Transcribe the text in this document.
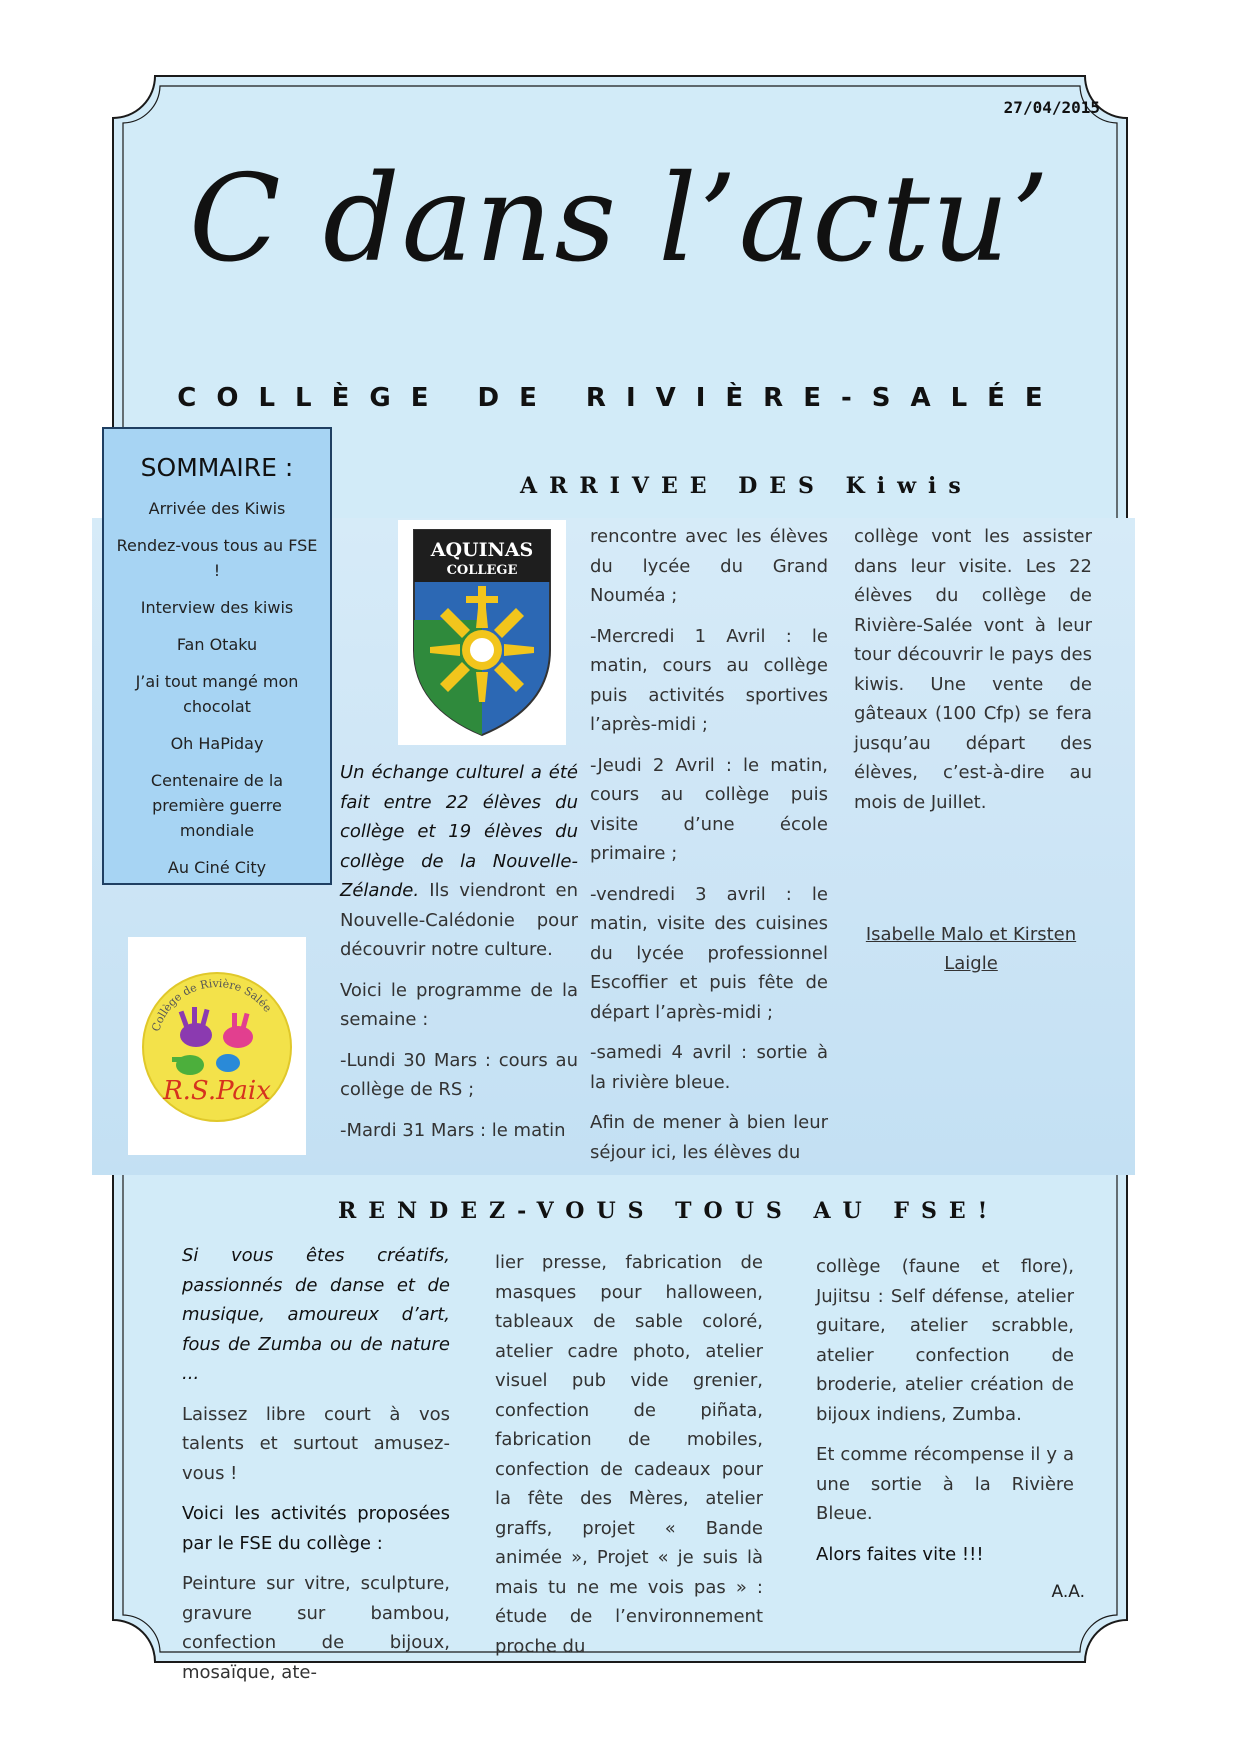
27/04/2015
C dans l’actu’
COLLÈGE DE RIVIÈRE-SALÉE
SOMMAIRE :
Arrivée des Kiwis
Rendez-vous tous au FSE !
Interview des kiwis
Fan Otaku
J’ai tout mangé mon chocolat
Oh HaPiday
Centenaire de la première guerre mondiale
Au Ciné City
ARRIVEE DES Kiwis
AQUINAS
COLLEGE

Un échange culturel a été fait entre 22 élèves du collège et 19 élèves du collège de la Nouvelle-Zélande. Ils viendront en Nouvelle-Calédonie pour découvrir notre culture.

Voici le programme de la semaine :

-Lundi 30 Mars : cours au collège de RS ;

-Mardi 31 Mars : le matin

rencontre avec les élèves du lycée du Grand Nouméa ;

-Mercredi 1 Avril : le matin, cours au collège puis activités sportives l’après-midi ;

-Jeudi 2 Avril : le matin, cours au collège puis visite d’une école primaire ;

-vendredi 3 avril : le matin, visite des cuisines du lycée professionnel Escoffier et puis fête de départ l’après-midi ;

-samedi 4 avril : sortie à la rivière bleue.

Afin de mener à bien leur séjour ici, les élèves du

collège vont les assister dans leur visite. Les 22 élèves du collège de Rivière-Salée vont à leur tour découvrir le pays des kiwis. Une vente de gâteaux (100 Cfp) se fera jusqu’au départ des élèves, c’est-à-dire au mois de Juillet.

Isabelle Malo et Kirsten Laigle
Collège de Rivière Salée
R.S.Paix
RENDEZ-VOUS TOUS AU FSE!

Si vous êtes créatifs, passionnés de danse et de musique, amoureux d’art, fous de Zumba ou de nature ...

Laissez libre court à vos talents et surtout amusez-vous !

Voici les activités proposées par le FSE du collège :

Peinture sur vitre, sculpture, gravure sur bambou, confection de bijoux, mosaïque, ate-

lier presse, fabrication de masques pour halloween, tableaux de sable coloré, atelier cadre photo, atelier visuel pub vide grenier, confection de piñata, fabrication de mobiles, confection de cadeaux pour la fête des Mères, atelier graffs, projet « Bande animée », Projet « je suis là mais tu ne me vois pas » : étude de l’environnement proche du

collège (faune et flore), Jujitsu : Self défense, atelier guitare, atelier scrabble, atelier confection de broderie, atelier création de bijoux indiens, Zumba.

Et comme récompense il y a une sortie à la Rivière Bleue.

Alors faites vite !!!

A.A.
